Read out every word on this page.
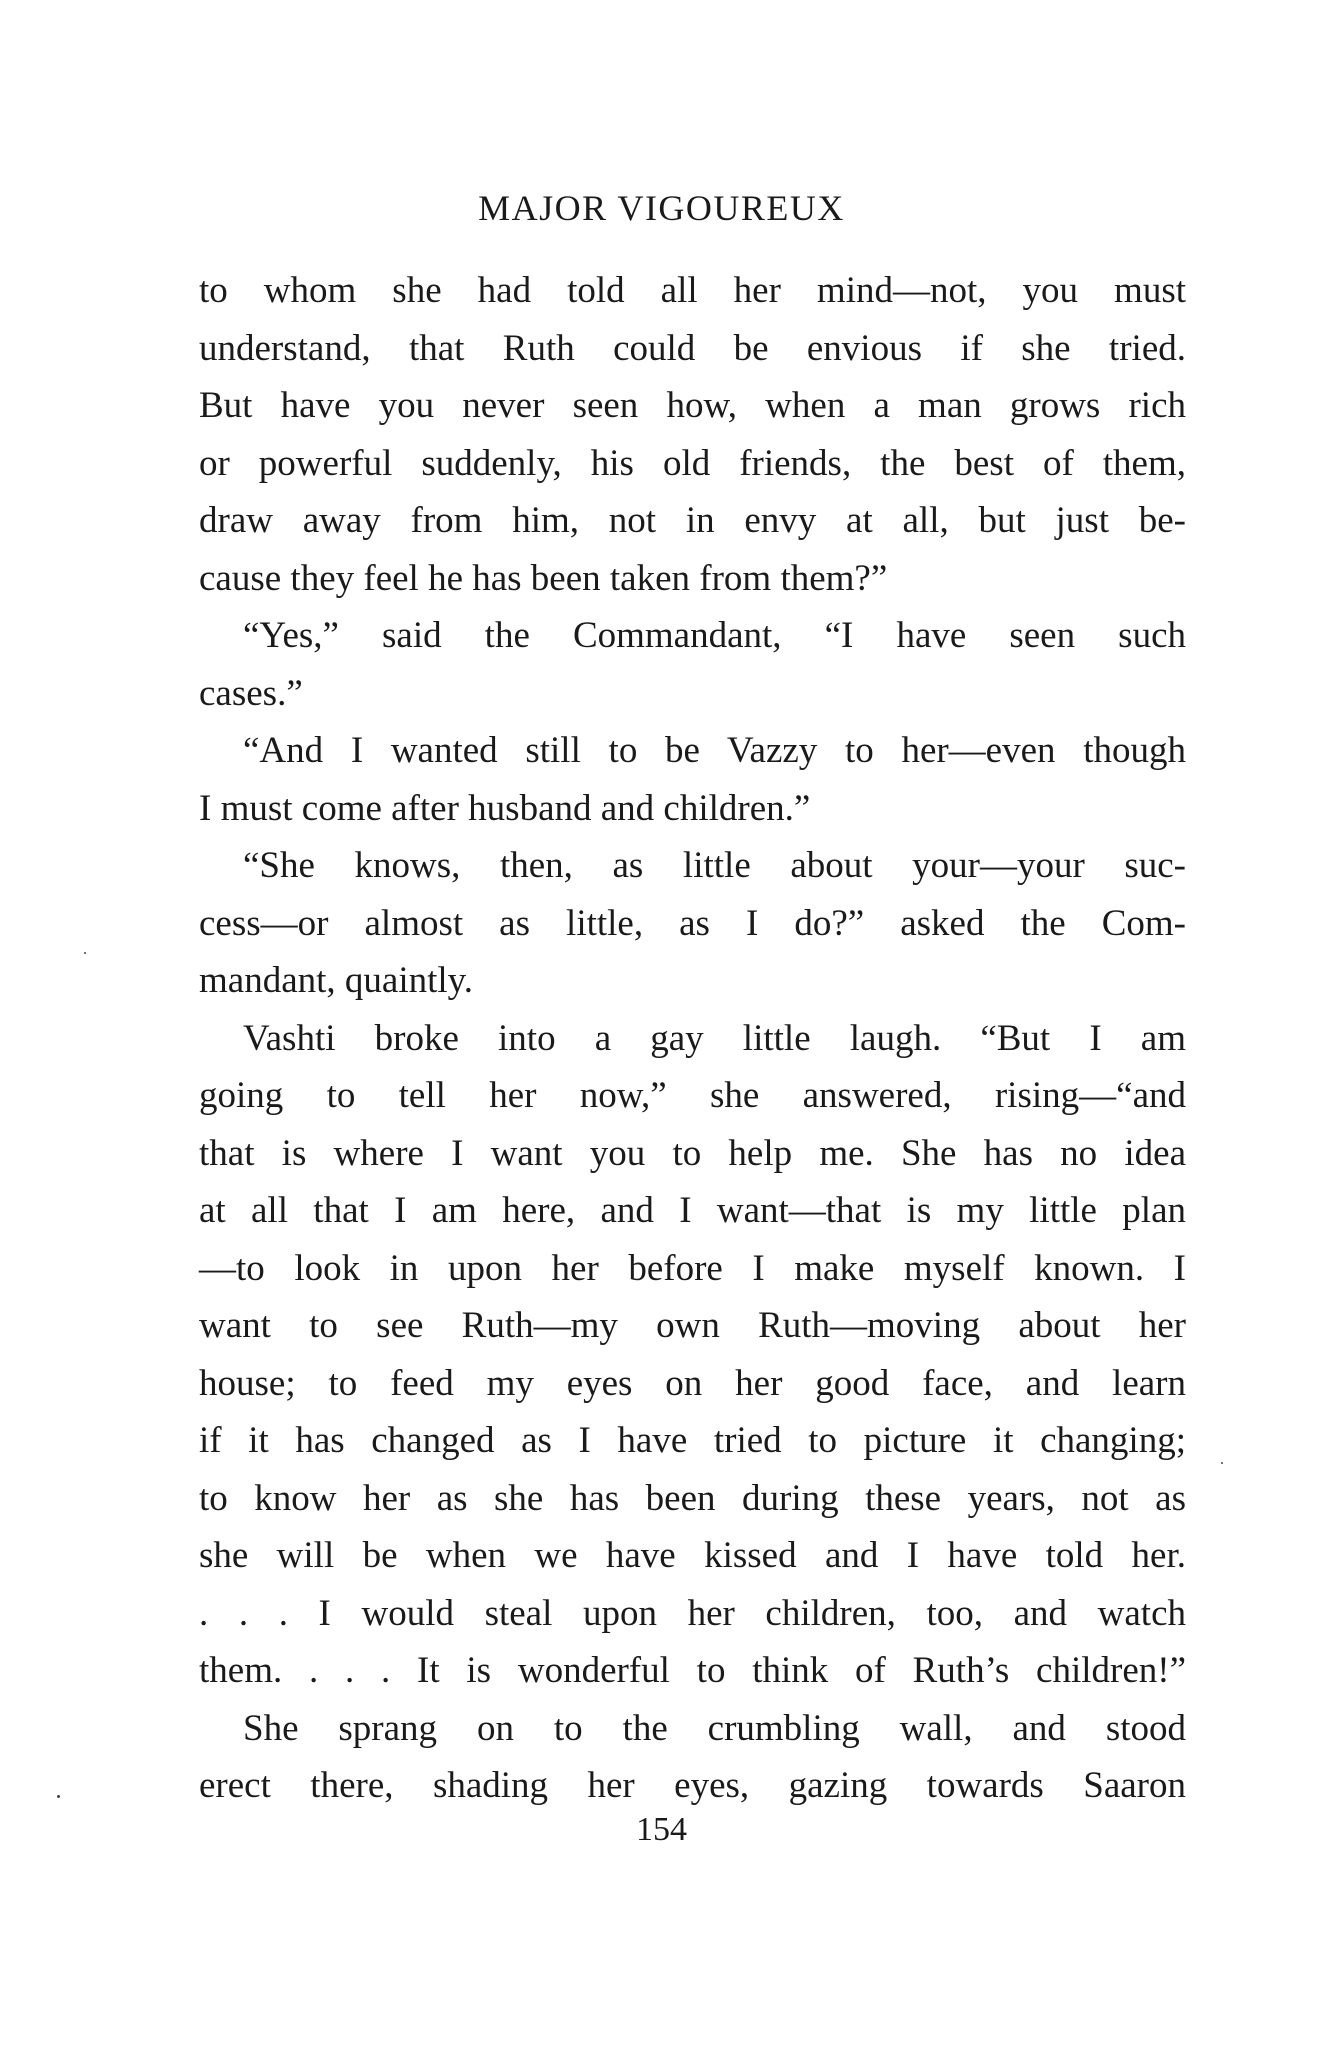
MAJOR VIGOUREUX
to whom she had told all her mind—not, you must
understand, that Ruth could be envious if she tried.
But have you never seen how, when a man grows rich
or powerful suddenly, his old friends, the best of them,
draw away from him, not in envy at all, but just be-
cause they feel he has been taken from them?”
“Yes,” said the Commandant, “I have seen such
cases.”
“And I wanted still to be Vazzy to her—even though
I must come after husband and children.”
“She knows, then, as little about your—your suc-
cess—or almost as little, as I do?” asked the Com-
mandant, quaintly.
Vashti broke into a gay little laugh. “But I am
going to tell her now,” she answered, rising—“and
that is where I want you to help me. She has no idea
at all that I am here, and I want—that is my little plan
—to look in upon her before I make myself known. I
want to see Ruth—my own Ruth—moving about her
house; to feed my eyes on her good face, and learn
if it has changed as I have tried to picture it changing;
to know her as she has been during these years, not as
she will be when we have kissed and I have told her.
. . . I would steal upon her children, too, and watch
them. . . . It is wonderful to think of Ruth’s children!”
She sprang on to the crumbling wall, and stood
erect there, shading her eyes, gazing towards Saaron
154
